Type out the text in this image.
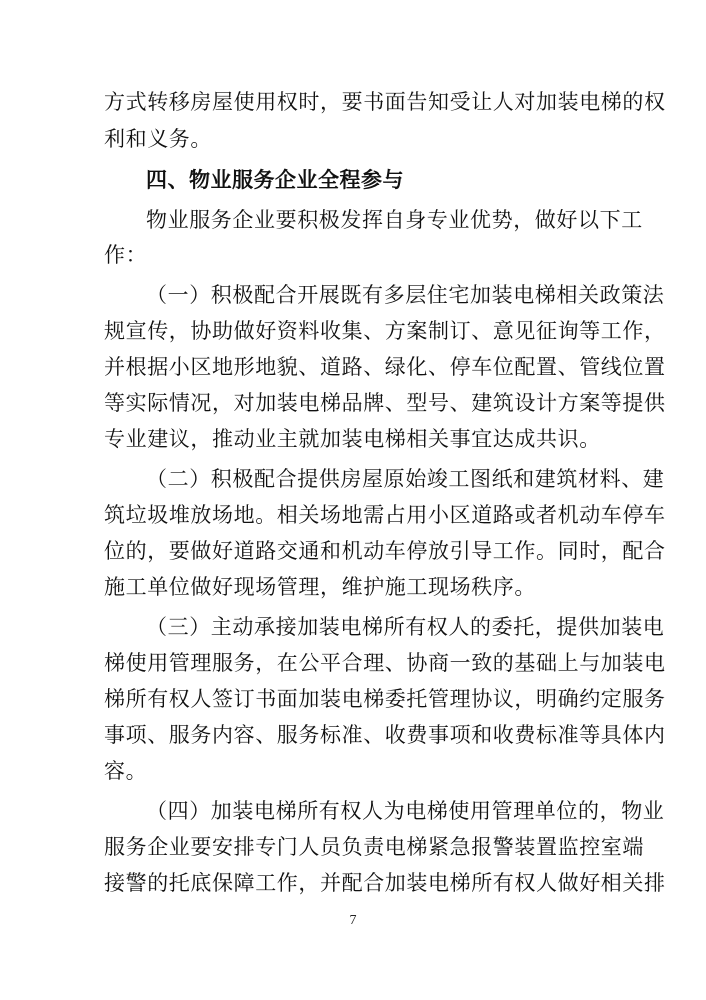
方式转移房屋使用权时，要书面告知受让人对加装电梯的权
利和义务。
四、物业服务企业全程参与
物业服务企业要积极发挥自身专业优势，做好以下工
作：
（一）积极配合开展既有多层住宅加装电梯相关政策法
规宣传，协助做好资料收集、方案制订、意见征询等工作，
并根据小区地形地貌、道路、绿化、停车位配置、管线位置
等实际情况，对加装电梯品牌、型号、建筑设计方案等提供
专业建议，推动业主就加装电梯相关事宜达成共识。
（二）积极配合提供房屋原始竣工图纸和建筑材料、建
筑垃圾堆放场地。相关场地需占用小区道路或者机动车停车
位的，要做好道路交通和机动车停放引导工作。同时，配合
施工单位做好现场管理，维护施工现场秩序。
（三）主动承接加装电梯所有权人的委托，提供加装电
梯使用管理服务，在公平合理、协商一致的基础上与加装电
梯所有权人签订书面加装电梯委托管理协议，明确约定服务
事项、服务内容、服务标准、收费事项和收费标准等具体内
容。
（四）加装电梯所有权人为电梯使用管理单位的，物业
服务企业要安排专门人员负责电梯紧急报警装置监控室端
接警的托底保障工作，并配合加装电梯所有权人做好相关排
7
